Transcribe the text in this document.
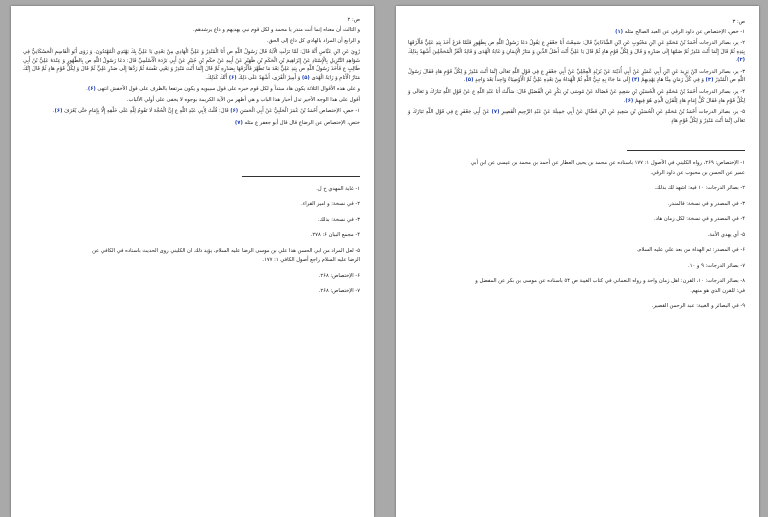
ص: ۲

و الثالث أن معناه إنما أنت منذر يا محمد و لكل قوم نبي يهديهم و داع يرشدهم.

و الرابع أن المراد بالهادي كل داع إلى الحق.

رُوِيَ عَنِ ابْنِ عَبَّاسٍ أَنَّهُ قَالَ: لَمَّا نَزَلَتِ الْآيَةُ قَالَ رَسُولُ اللَّهِ ص أَنَا الْمُنْذِرُ وَ عَلِيٌّ الْهَادِي مِنْ بَعْدِي يَا عَلِيُّ بِكَ يَهْتَدِي الْمُهْتَدُونَ. وَ رَوَى أَبُو الْقَاسِمِ الْحَسْكَانِيُّ فِي شَوَاهِدِ التَّنْزِيلِ بِالْإِسْنَادِ عَنْ إِبْرَاهِيمَ بْنِ الْحَكَمِ بْنِ ظُهَيْرٍ عَنْ أَبِيهِ عَنْ حَكَمِ بْنِ جُبَيْرٍ عَنْ أَبِي بَرْدَةَ الْأَسْلَمِيِّ قَالَ: دَعَا رَسُولُ اللَّهِ ص بِالطَّهُورِ وَ عِنْدَهُ عَلِيُّ بْنُ أَبِي طَالِبٍ ع فَأَخَذَ رَسُولُ اللَّهِ ص بِيَدِ عَلِيٍّ بَعْدَ مَا تَطَهَّرَ فَأَلْزَقَهَا بِصَدْرِهِ ثُمَّ قَالَ إِنَّمَا أَنْتَ مُنْذِرٌ وَ يَعْنِي نَفْسَهُ ثُمَّ رَدَّهَا إِلَى صَدْرِ عَلِيٍّ ثُمَّ قَالَ وَ لِكُلِّ قَوْمٍ هَادٍ ثُمَّ قَالَ إِنَّكَ مَنَارُ الْأَنَامِ وَ رَايَةُ الْهُدَى (۵) وَ أَمِيرُ الْقُرَى، أَشْهَدُ عَلَى ذَلِكَ (۶) أَنَّكَ كَذَلِكَ.

و على هذه الأقوال الثلاثة يكون هاد مبتدأ و لكل قوم خبره على قول سيبويه و يكون مرتفعا بالظرف على قول الأخفش انتهى (۶).

أقول على هذا الوجه الأخير تدل أخبار هذا الباب و هي أظهر من الآية الكريمة بوجوه لا يخفى على أولي الألباب.

١- خص، الإختصاص أَحْمَدُ بْنُ عُمَرَ الْحَلَبِيُّ عَنْ أَبِي الْحَسَنِ (۶) قَالَ: قُلْتُ لِأَبِي عَبْدِ اللَّهِ ع إِنَّ الْحُجَّةَ لَا تَقُومُ لِلَّهِ عَلَى خَلْقِهِ إِلَّا بِإِمَامٍ حَتَّى يُعْرَفَ (۶).

ختص، الإختصاص عن الرضاع قال قال أبو جعفر ع مثله (۷)

١- غاية المهدي خ ل.
٢- في نسخة: و امير القراء.
٣- في نسخة: بذلك.
۴- مجمع البيان ۶: ٢٧٨.
۵- لعل المراد من ابي الحسن هذا علي بن موسى الرضا عليه السلام، يؤيد ذلك ان الكليني روى الحديث باسناده في الكافي عن
الرضا عليه السلام راجع أصول الكافي ١: ١٧٧.
۶- الإختصاص: ٢۶٨.
٧- الإختصاص: ٢۶٨.
ص: ٣

١- خص، الإختصاص عن داود الرقي عن العبد الصالح مثله (١)

٢- ير، بصائر الدرجات أَحْمَدُ بْنُ مُحَمَّدٍ عَنِ ابْنِ مَحْبُوبٍ عَنِ ابْنِ الشَّاذَانِيِّ قَالَ: سَمِعْتُ أَبَا جَعْفَرٍ ع يَقُولُ دَعَا رَسُولُ اللَّهِ ص بِطَهُورٍ فَلَمَّا فَرَغَ أَخَذَ بِيَدِ عَلِيٍّ فَأَلْزَقَهَا بِيَدِهِ ثُمَّ قَالَ إِنَّمَا أَنْتَ مُنْذِرٌ ثُمَّ ضَمَّهَا إِلَى صَدْرِهِ وَ قَالَ وَ لِكُلِّ قَوْمٍ هَادٍ ثُمَّ قَالَ يَا عَلِيُّ أَنْتَ أَصْلُ الدِّينِ وَ مَنَارُ الْإِيمَانِ وَ غَايَةُ الْهُدَى وَ قَائِدُ الْغُرِّ الْمُحَجَّلِينَ أَشْهَدُ بِذَلِكَ (٢).

٣- ير، بصائر الدرجات ابْنُ يَزِيدَ عَنِ ابْنِ أَبِي عُمَيْرٍ عَنْ أَبِي أُذَيْنَةَ عَنْ بُرَيْدٍ الْعِجْلِيِّ عَنْ أَبِي جَعْفَرٍ ع فِي قَوْلِ اللَّهِ تَعَالَى إِنَّمَا أَنْتَ مُنْذِرٌ وَ لِكُلِّ قَوْمٍ هَادٍ فَقَالَ رَسُولُ اللَّهِ ص الْمُنْذِرُ (٣) وَ فِي كُلِّ زَمَانٍ مِنَّا هَادٍ يَهْدِيهِمْ (۴) إِلَى مَا جَاءَ بِهِ نَبِيُّ اللَّهِ ثُمَّ الْهُدَاةُ مِنْ بَعْدِهِ عَلِيٌّ ثُمَّ الْأَوْصِيَاءُ وَاحِداً بَعْدَ وَاحِدٍ (۵).

۴- ير، بصائر الدرجات أَحْمَدُ بْنُ مُحَمَّدٍ عَنِ الْحُسَيْنِ بْنِ سَعِيدٍ عَنْ فَضَالَةَ عَنْ مُوسَى بْنِ بَكْرٍ عَنِ الْفُضَيْلِ قَالَ: سَأَلْتُ أَبَا عَبْدِ اللَّهِ ع عَنْ قَوْلِ اللَّهِ تَبَارَكَ وَ تَعَالَى وَ لِكُلِّ قَوْمٍ هادٍ فَقَالَ كُلُّ إِمَامٍ هَادٍ لِلْقَرْنِ الَّذِي هُوَ فِيهِمْ (۶).

۵- ير، بصائر الدرجات أَحْمَدُ بْنُ مُحَمَّدٍ عَنِ الْحُسَيْنِ بْنِ سَعِيدٍ عَنِ ابْنِ فَضَّالٍ عَنْ أَبِي جَمِيلَةَ عَنْ عَبْدِ الرَّحِيمِ الْقَصِيرِ (٧) عَنْ أَبِي جَعْفَرٍ ع فِي قَوْلِ اللَّهِ تَبَارَكَ وَ تَعَالَى إِنَّمَا أَنْتَ مُنْذِرٌ وَ لِكُلِّ قَوْمٍ هَادٍ

١- الإختصاص: ٢۶٩، رواه الكليني في الأصول ١: ١٧٧ باسناده عن محمد بن يحيى العطار عن أحمد بن محمد بن عيسى عن ابن أبي
عمير عن الحسن بن محبوب عن داود الرقي.
٢- بصائر الدرجات: ١٠ فيه: اشهد لك بذلك.
٣- في المصدر و في نسخة: فالمنذر.
۴- في المصدر و في نسخة: لكل زمان هاد.
۵- أي يهدي الأمة.
۶- في المصدر: ثم الهداة من بعد علي عليه السلام.
٧- بصائر الدرجات: ٩ و ١٠.
٨- بصائر الدرجات: ١٠، القرن: اهل زمان واحد و رواه النعماني في كتاب الغيبة ص ٥۴ باسناده عن موسى بن بكر عن المفضل و
في: للقرن الذي هو منهم.
٩- في البصائر و الغيبة: عبد الرحمن القصير.
